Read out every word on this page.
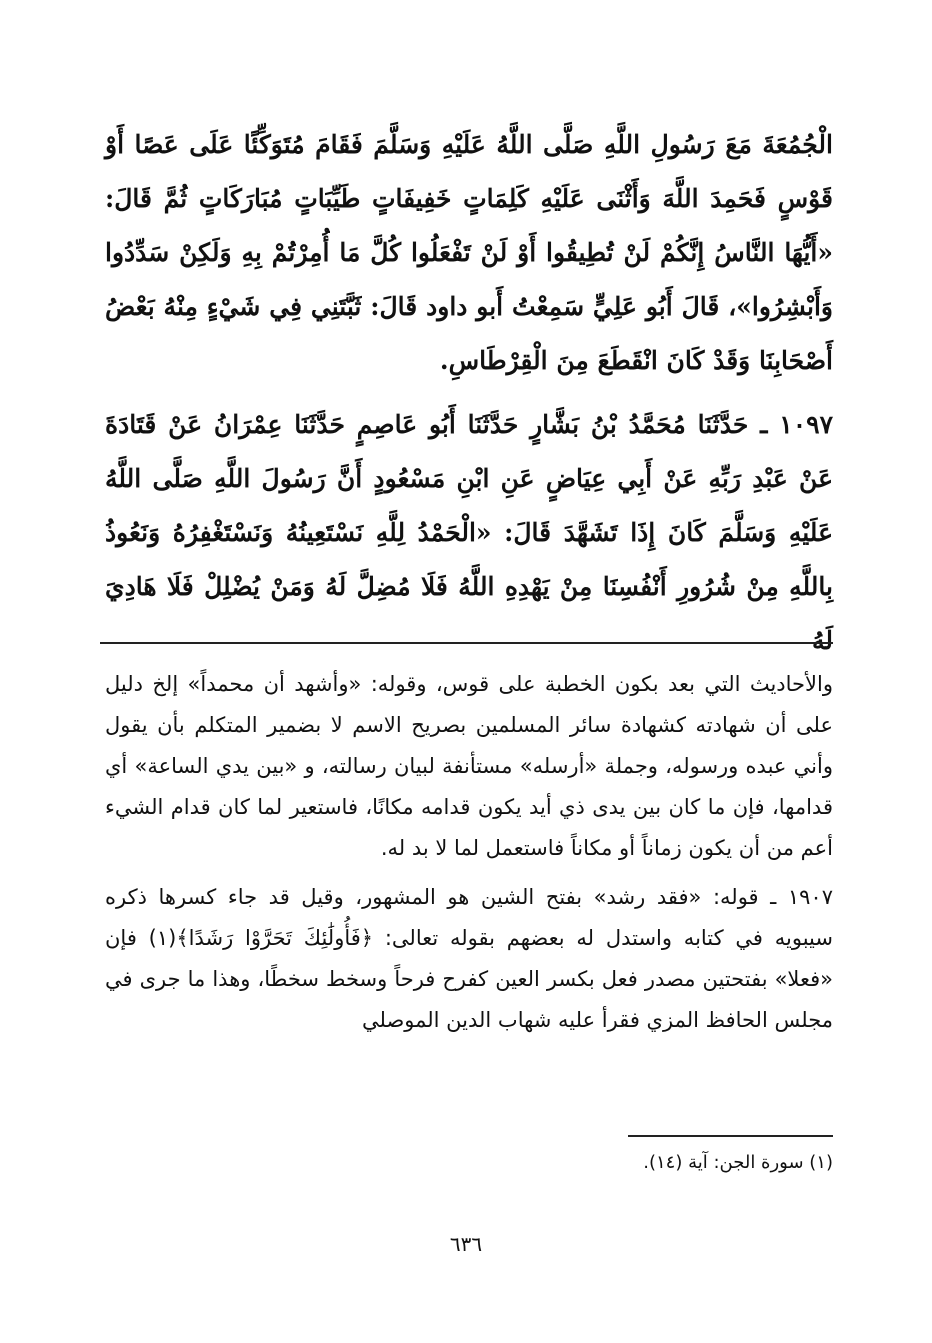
الْجُمُعَةَ مَعَ رَسُولِ اللَّهِ صَلَّى اللَّهُ عَلَيْهِ وَسَلَّمَ فَقَامَ مُتَوَكِّئًا عَلَى عَصًا أَوْ قَوْسٍ فَحَمِدَ اللَّهَ وَأَثْنَى عَلَيْهِ كَلِمَاتٍ خَفِيفَاتٍ طَيِّبَاتٍ مُبَارَكَاتٍ ثُمَّ قَالَ: «أَيُّهَا النَّاسُ إِنَّكُمْ لَنْ تُطِيقُوا أَوْ لَنْ تَفْعَلُوا كُلَّ مَا أُمِرْتُمْ بِهِ وَلَكِنْ سَدِّدُوا وَأَبْشِرُوا»، قَالَ أَبُو عَلِيٍّ سَمِعْتُ أَبو داود قَالَ: ثَبَّتَنِي فِي شَيْءٍ مِنْهُ بَعْضُ أَصْحَابِنَا وَقَدْ كَانَ انْقَطَعَ مِنَ الْقِرْطَاسِ.

١٠٩٧ ـ حَدَّثَنَا مُحَمَّدُ بْنُ بَشَّارٍ حَدَّثَنَا أَبُو عَاصِمٍ حَدَّثَنَا عِمْرَانُ عَنْ قَتَادَةَ عَنْ عَبْدِ رَبِّهِ عَنْ أَبِي عِيَاضٍ عَنِ ابْنِ مَسْعُودٍ أَنَّ رَسُولَ اللَّهِ صَلَّى اللَّهُ عَلَيْهِ وَسَلَّمَ كَانَ إِذَا تَشَهَّدَ قَالَ: «الْحَمْدُ لِلَّهِ نَسْتَعِينُهُ وَنَسْتَغْفِرُهُ وَنَعُوذُ بِاللَّهِ مِنْ شُرُورِ أَنْفُسِنَا مِنْ يَهْدِهِ اللَّهُ فَلَا مُضِلَّ لَهُ وَمَنْ يُضْلِلْ فَلَا هَادِيَ لَهُ

والأحاديث التي بعد بكون الخطبة على قوس، وقوله: «وأشهد أن محمداً» إلخ دليل على أن شهادته كشهادة سائر المسلمين بصريح الاسم لا بضمير المتكلم بأن يقول وأني عبده ورسوله، وجملة «أرسله» مستأنفة لبيان رسالته، و «بين يدي الساعة» أي قدامها، فإن ما كان بين يدى ذي أيد يكون قدامه مكانًا، فاستعير لما كان قدام الشيء أعم من أن يكون زماناً أو مكاناً فاستعمل لما لا بد له.

١٩٠٧ ـ قوله: «فقد رشد» بفتح الشين هو المشهور، وقيل قد جاء كسرها ذكره سيبويه في كتابه واستدل له بعضهم بقوله تعالى: ﴿فَأُولَٰئِكَ تَحَرَّوْا رَشَدًا﴾(١) فإن «فعلا» بفتحتين مصدر فعل بكسر العين كفرح فرحاً وسخط سخطًا، وهذا ما جرى في مجلس الحافظ المزي فقرأ عليه شهاب الدين الموصلي

(١) سورة الجن: آية (١٤).
٦٣٦
